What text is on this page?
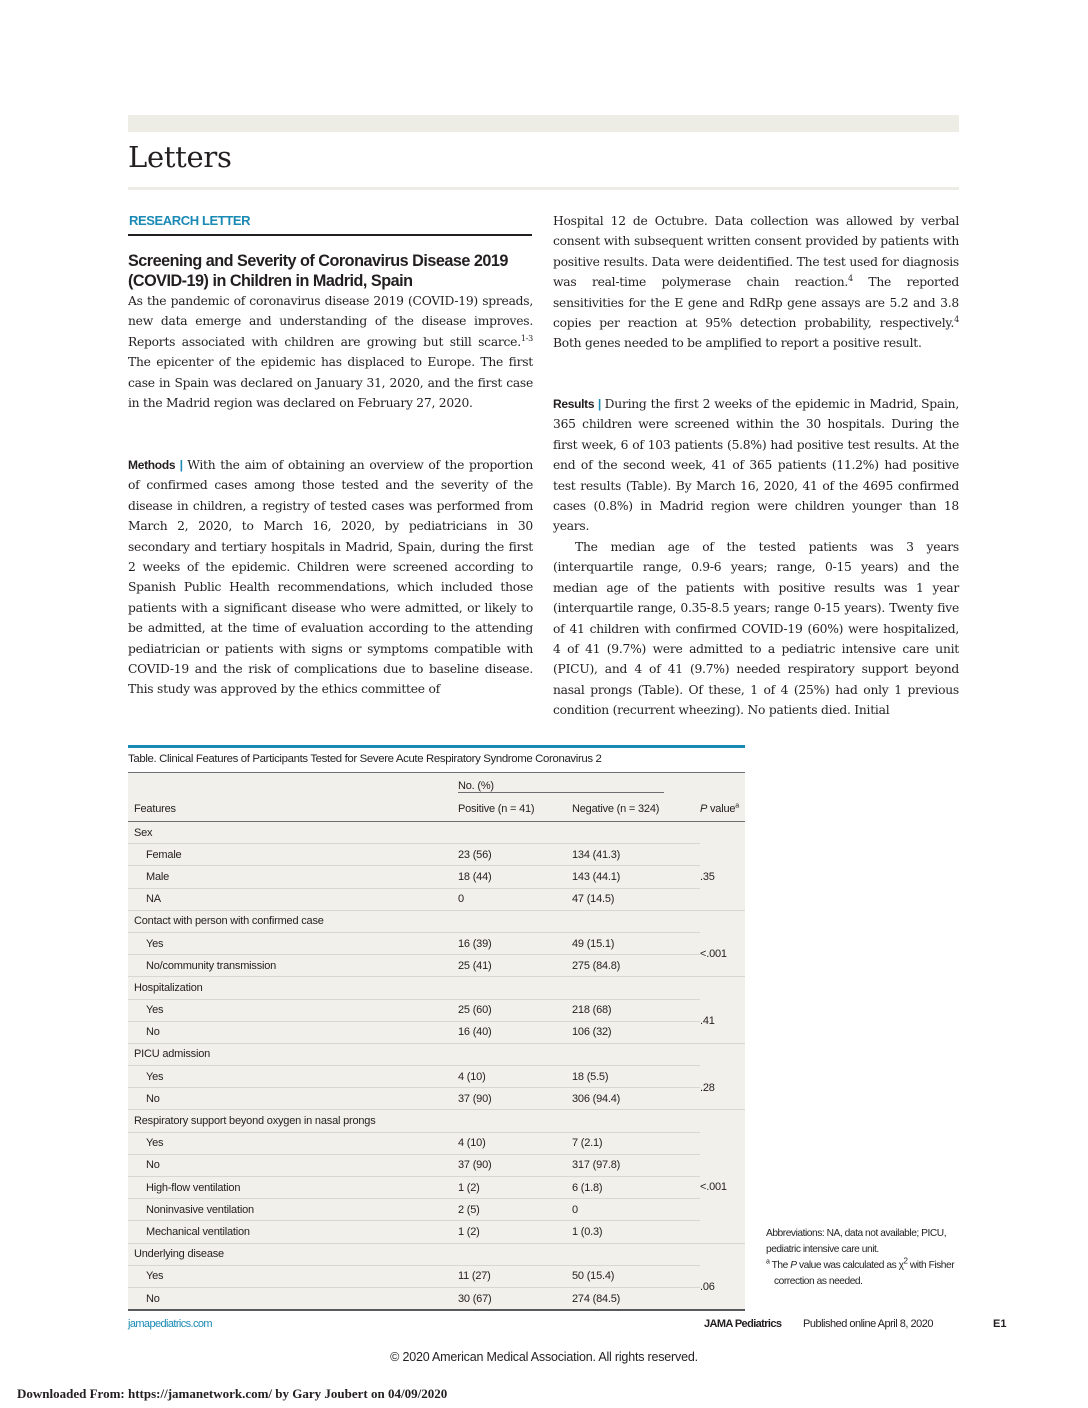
Letters
RESEARCH LETTER
Screening and Severity of Coronavirus Disease 2019 (COVID-19) in Children in Madrid, Spain
As the pandemic of coronavirus disease 2019 (COVID-19) spreads, new data emerge and understanding of the disease improves. Reports associated with children are growing but still scarce.$^{1-3}$ The epicenter of the epidemic has displaced to Europe. The first case in Spain was declared on January 31, 2020, and the first case in the Madrid region was declared on February 27, 2020.
Methods | With the aim of obtaining an overview of the proportion of confirmed cases among those tested and the severity of the disease in children, a registry of tested cases was performed from March 2, 2020, to March 16, 2020, by pediatricians in 30 secondary and tertiary hospitals in Madrid, Spain, during the first 2 weeks of the epidemic. Children were screened according to Spanish Public Health recommendations, which included those patients with a significant disease who were admitted, or likely to be admitted, at the time of evaluation according to the attending pediatrician or patients with signs or symptoms compatible with COVID-19 and the risk of complications due to baseline disease. This study was approved by the ethics committee of
Hospital 12 de Octubre. Data collection was allowed by verbal consent with subsequent written consent provided by patients with positive results. Data were deidentified. The test used for diagnosis was real-time polymerase chain reaction.$^4$ The reported sensitivities for the E gene and RdRp gene assays are 5.2 and 3.8 copies per reaction at 95% detection probability, respectively.$^4$ Both genes needed to be amplified to report a positive result.
Results | During the first 2 weeks of the epidemic in Madrid, Spain, 365 children were screened within the 30 hospitals. During the first week, 6 of 103 patients (5.8%) had positive test results. At the end of the second week, 41 of 365 patients (11.2%) had positive test results (Table). By March 16, 2020, 41 of the 4695 confirmed cases (0.8%) in Madrid region were children younger than 18 years.
The median age of the tested patients was 3 years (interquartile range, 0.9-6 years; range, 0-15 years) and the median age of the patients with positive results was 1 year (interquartile range, 0.35-8.5 years; range 0-15 years). Twenty five of 41 children with confirmed COVID-19 (60%) were hospitalized, 4 of 41 (9.7%) were admitted to a pediatric intensive care unit (PICU), and 4 of 41 (9.7%) needed respiratory support beyond nasal prongs (Table). Of these, 1 of 4 (25%) had only 1 previous condition (recurrent wheezing). No patients died. Initial
Table. Clinical Features of Participants Tested for Severe Acute Respiratory Syndrome Coronavirus 2

	No. (%)		

Features	Positive (n = 41)	Negative (n = 324)	P value$^a$
Sex			
Female	23 (56)	134 (41.3)	.35
Male	18 (44)	143 (44.1)	
NA	0	47 (14.5)	
Contact with person with confirmed case			
Yes	16 (39)	49 (15.1)	<.001
No/community transmission	25 (41)	275 (84.8)	
Hospitalization			
Yes	25 (60)	218 (68)	.41
No	16 (40)	106 (32)	
PICU admission			
Yes	4 (10)	18 (5.5)	.28
No	37 (90)	306 (94.4)	
Respiratory support beyond oxygen in nasal prongs			
Yes	4 (10)	7 (2.1)	<.001
No	37 (90)	317 (97.8)	
High-flow ventilation	1 (2)	6 (1.8)	
Noninvasive ventilation	2 (5)	0	
Mechanical ventilation	1 (2)	1 (0.3)	
Underlying disease			
Yes	11 (27)	50 (15.4)	.06
No	30 (67)	274 (84.5)	
Abbreviations: NA, data not available; PICU, pediatric intensive care unit.
$^a$ The P value was calculated as $\chi^2$ with Fisher correction as needed.
jamapediatrics.com	JAMA Pediatrics Published online April 8, 2020	E1
© 2020 American Medical Association. All rights reserved.
Downloaded From: https://jamanetwork.com/ by Gary Joubert on 04/09/2020
